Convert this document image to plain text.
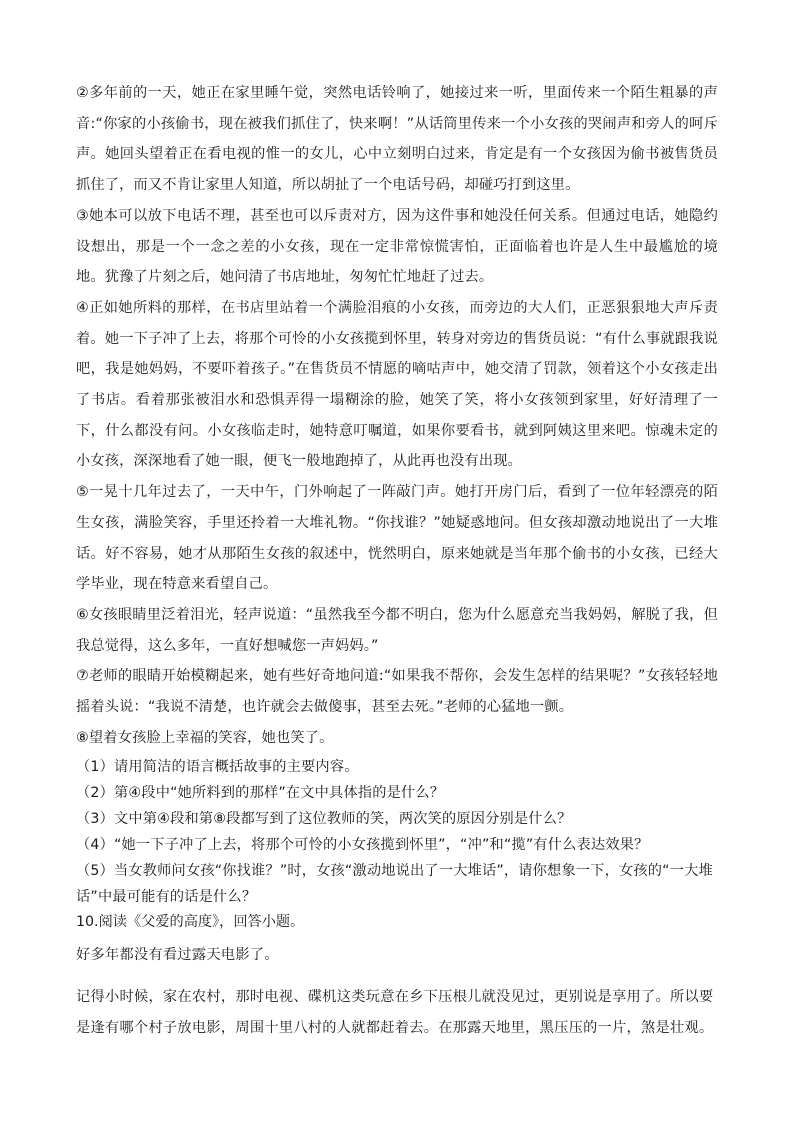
②多年前的一天，她正在家里睡午觉，突然电话铃响了，她接过来一听，里面传来一个陌生粗暴的声音:“你家的小孩偷书，现在被我们抓住了，快来啊！”从话筒里传来一个小女孩的哭闹声和旁人的呵斥声。她回头望着正在看电视的惟一的女儿，心中立刻明白过来，肯定是有一个女孩因为偷书被售货员抓住了，而又不肯让家里人知道，所以胡扯了一个电话号码，却碰巧打到这里。

③她本可以放下电话不理，甚至也可以斥责对方，因为这件事和她没任何关系。但通过电话，她隐约设想出，那是一个一念之差的小女孩，现在一定非常惊慌害怕，正面临着也许是人生中最尴尬的境地。犹豫了片刻之后，她问清了书店地址，匆匆忙忙地赶了过去。

④正如她所料的那样，在书店里站着一个满脸泪痕的小女孩，而旁边的大人们，正恶狠狠地大声斥责着。她一下子冲了上去，将那个可怜的小女孩揽到怀里，转身对旁边的售货员说：“有什么事就跟我说吧，我是她妈妈，不要吓着孩子。”在售货员不情愿的嘀咕声中，她交清了罚款，领着这个小女孩走出了书店。看着那张被泪水和恐惧弄得一塌糊涂的脸，她笑了笑，将小女孩领到家里，好好清理了一下，什么都没有问。小女孩临走时，她特意叮嘱道，如果你要看书，就到阿姨这里来吧。惊魂未定的小女孩，深深地看了她一眼，便飞一般地跑掉了，从此再也没有出现。

⑤一晃十几年过去了，一天中午，门外响起了一阵敲门声。她打开房门后，看到了一位年轻漂亮的陌生女孩，满脸笑容，手里还拎着一大堆礼物。“你找谁？”她疑惑地问。但女孩却激动地说出了一大堆话。好不容易，她才从那陌生女孩的叙述中，恍然明白，原来她就是当年那个偷书的小女孩，已经大学毕业，现在特意来看望自己。

⑥女孩眼睛里泛着泪光，轻声说道：“虽然我至今都不明白，您为什么愿意充当我妈妈，解脱了我，但我总觉得，这么多年，一直好想喊您一声妈妈。”

⑦老师的眼睛开始模糊起来，她有些好奇地问道:“如果我不帮你，会发生怎样的结果呢？”女孩轻轻地摇着头说：“我说不清楚，也许就会去做傻事，甚至去死。”老师的心猛地一颤。

⑧望着女孩脸上幸福的笑容，她也笑了。

（1）请用简洁的语言概括故事的主要内容。

（2）第④段中“她所料到的那样”在文中具体指的是什么？

（3）文中第④段和第⑧段都写到了这位教师的笑，两次笑的原因分别是什么？

（4）“她一下子冲了上去，将那个可怜的小女孩揽到怀里”，“冲”和“揽”有什么表达效果？

（5）当女教师问女孩“你找谁？”时，女孩“激动地说出了一大堆话”，请你想象一下，女孩的“一大堆话”中最可能有的话是什么？

10.阅读《父爱的高度》，回答小题。

好多年都没有看过露天电影了。

记得小时候，家在农村，那时电视、碟机这类玩意在乡下压根儿就没见过，更别说是享用了。所以要是逢有哪个村子放电影，周围十里八村的人就都赶着去。在那露天地里，黑压压的一片，煞是壮观。
